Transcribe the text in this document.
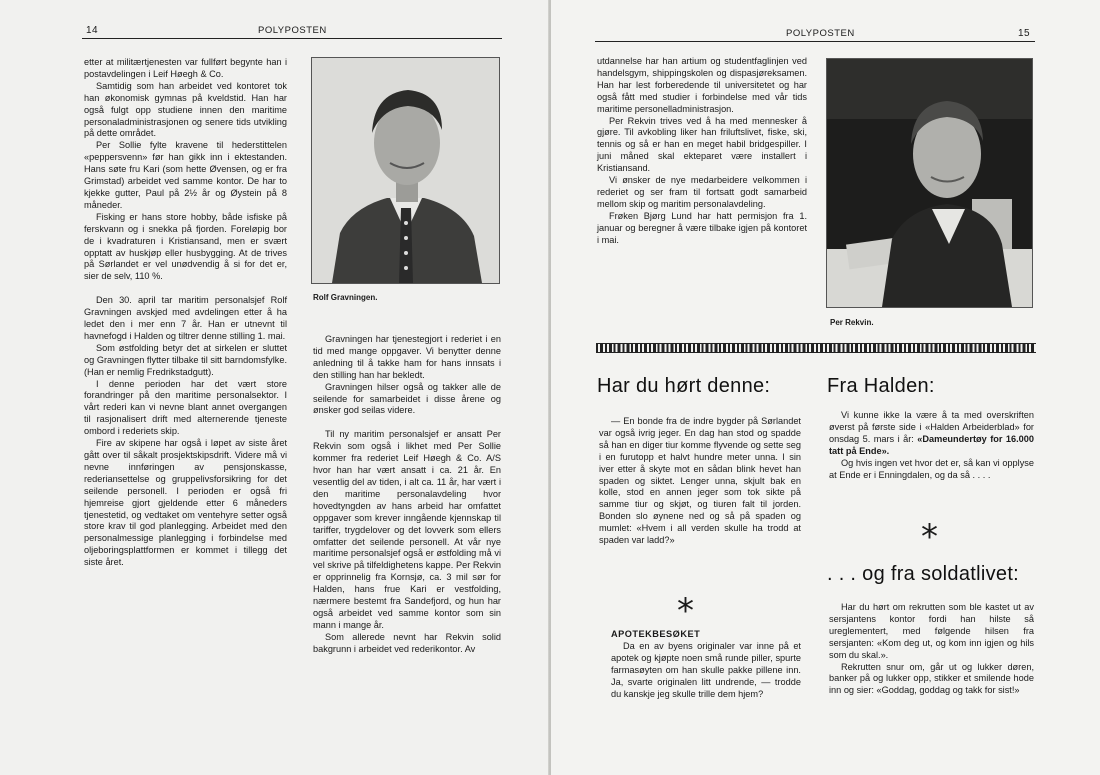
14	POLYPOSTEN

etter at militærtjenesten var fullført begynte han i postavdelingen i Leif Høegh & Co.

Samtidig som han arbeidet ved kontoret tok han økonomisk gymnas på kveldstid. Han har også fulgt opp studiene innen den maritime personaladministrasjonen og senere tids utvikling på dette området.

Per Sollie fylte kravene til hederstittelen «peppersvenn» før han gikk inn i ektestanden. Hans søte fru Kari (som hette Øvensen, og er fra Grimstad) arbeidet ved samme kontor. De har to kjekke gutter, Paul på 2½ år og Øystein på 8 måneder.

Fisking er hans store hobby, både isfiske på ferskvann og i snekka på fjorden. Foreløpig bor de i kvadraturen i Kristiansand, men er svært opptatt av huskjøp eller husbygging. At de trives på Sørlandet er vel unødvendig å si for det er, sier de selv, 110 %.

Den 30. april tar maritim personalsjef Rolf Gravningen avskjed med avdelingen etter å ha ledet den i mer enn 7 år. Han er utnevnt til havnefogd i Halden og tiltrer denne stilling 1. mai.

Som østfolding betyr det at sirkelen er sluttet og Gravningen flytter tilbake til sitt barndomsfylke. (Han er nemlig Fredrikstadgutt).

I denne perioden har det vært store forandringer på den maritime personalsektor. I vårt rederi kan vi nevne blant annet overgangen til rasjonalisert drift med alternerende tjeneste ombord i rederiets skip.

Fire av skipene har også i løpet av siste året gått over til såkalt prosjektskipsdrift. Videre må vi nevne innføringen av pensjonskasse, rederiansettelse og gruppelivsforsikring for det seilende personell. I perioden er også fri hjemreise gjort gjeldende etter 6 måneders tjenestetid, og vedtaket om ventehyre setter også store krav til god planlegging. Arbeidet med den personalmessige planlegging i forbindelse med oljeboringsplattformen er kommet i tillegg det siste året.

Rolf Gravningen.

Gravningen har tjenestegjort i rederiet i en tid med mange oppgaver. Vi benytter denne anledning til å takke ham for hans innsats i den stilling han har bekledt.

Gravningen hilser også og takker alle de seilende for samarbeidet i disse årene og ønsker god seilas videre.

Til ny maritim personalsjef er ansatt Per Rekvin som også i likhet med Per Sollie kommer fra rederiet Leif Høegh & Co. A/S hvor han har vært ansatt i ca. 21 år. En vesentlig del av tiden, i alt ca. 11 år, har vært i den maritime personalavdeling hvor hovedtyngden av hans arbeid har omfattet oppgaver som krever inngående kjennskap til tariffer, trygdelover og det lovverk som ellers omfatter det seilende personell. At vår nye maritime personalsjef også er østfolding må vi vel skrive på tilfeldighetens kappe. Per Rekvin er opprinnelig fra Kornsjø, ca. 3 mil sør for Halden, hans frue Kari er vestfolding, nærmere bestemt fra Sandefjord, og hun har også arbeidet ved samme kontor som sin mann i mange år.

Som allerede nevnt har Rekvin solid bakgrunn i arbeidet ved rederikontor. Av

POLYPOSTEN	15

utdannelse har han artium og studentfaglinjen ved handelsgym, shippingskolen og dispasjøreksamen. Han har lest forberedende til universitetet og har også fått med studier i forbindelse med vår tids maritime personelladministrasjon.

Per Rekvin trives ved å ha med mennesker å gjøre. Til avkobling liker han friluftslivet, fiske, ski, tennis og så er han en meget habil bridgespiller. I juni måned skal ekteparet være installert i Kristiansand.

Vi ønsker de nye medarbeidere velkommen i rederiet og ser fram til fortsatt godt samarbeid mellom skip og maritim personalavdeling.

Frøken Bjørg Lund har hatt permisjon fra 1. januar og beregner å være tilbake igjen på kontoret i mai.

Per Rekvin.
Har du hørt denne:

— En bonde fra de indre bygder på Sørlandet var også ivrig jeger. En dag han stod og spadde så han en diger tiur komme flyvende og sette seg i en furutopp et halvt hundre meter unna. I sin iver etter å skyte mot en sådan blink hevet han spaden og siktet. Lenger unna, skjult bak en kolle, stod en annen jeger som tok sikte på samme tiur og skjøt, og tiuren falt til jorden. Bonden slo øynene ned og så på spaden og mumlet: «Hvem i all verden skulle ha trodd at spaden var ladd?»

*

APOTEKBESØKET

Da en av byens originaler var inne på et apotek og kjøpte noen små runde piller, spurte farmasøyten om han skulle pakke pillene inn. Ja, svarte originalen litt undrende, — trodde du kanskje jeg skulle trille dem hjem?

Fra Halden:

Vi kunne ikke la være å ta med overskriften øverst på første side i «Halden Arbeiderblad» for onsdag 5. mars i år: «Dameundertøy for 16.000 tatt på Ende».

Og hvis ingen vet hvor det er, så kan vi opplyse at Ende er i Enningdalen, og da så . . . .

*
. . . og fra soldatlivet:

Har du hørt om rekrutten som ble kastet ut av sersjantens kontor fordi han hilste så ureglementert, med følgende hilsen fra sersjanten: «Kom deg ut, og kom inn igjen og hils som du skal.».

Rekrutten snur om, går ut og lukker døren, banker på og lukker opp, stikker et smilende hode inn og sier: «Goddag, goddag og takk for sist!»
